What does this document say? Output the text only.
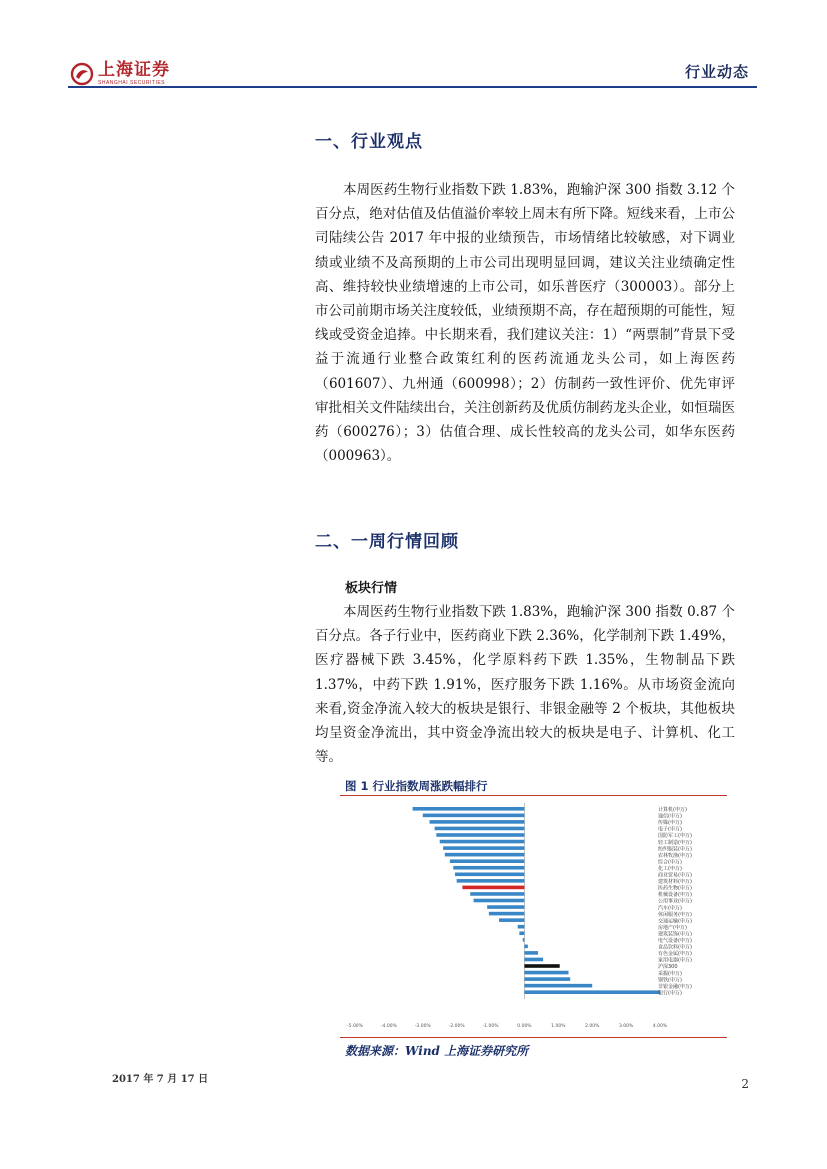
上海证券
SHANGHAI SECURITIES
行业动态
一、行业观点

本周医药生物行业指数下跌 1.83%，跑输沪深 300 指数 3.12 个百分点，绝对估值及估值溢价率较上周末有所下降。短线来看，上市公司陆续公告 2017 年中报的业绩预告，市场情绪比较敏感，对下调业绩或业绩不及高预期的上市公司出现明显回调，建议关注业绩确定性高、维持较快业绩增速的上市公司，如乐普医疗（300003）。部分上市公司前期市场关注度较低，业绩预期不高，存在超预期的可能性，短线或受资金追捧。中长期来看，我们建议关注：1）“两票制”背景下受益于流通行业整合政策红利的医药流通龙头公司，如上海医药（601607）、九州通（600998）；2）仿制药一致性评价、优先审评审批相关文件陆续出台，关注创新药及优质仿制药龙头企业，如恒瑞医药（600276）；3）估值合理、成长性较高的龙头公司，如华东医药（000963）。

二、一周行情回顾
板块行情

本周医药生物行业指数下跌 1.83%，跑输沪深 300 指数 0.87 个百分点。各子行业中，医药商业下跌 2.36%，化学制剂下跌 1.49%，医疗器械下跌 3.45%，化学原料药下跌 1.35%，生物制品下跌 1.37%，中药下跌 1.91%，医疗服务下跌 1.16%。从市场资金流向来看,资金净流入较大的板块是银行、非银金融等 2 个板块，其他板块均呈资金净流出，其中资金净流出较大的板块是电子、计算机、化工等。

图 1 行业指数周涨跌幅排行
计算机(申万)
通信(申万)
传媒(申万)
电子(申万)
国防军工(申万)
轻工制造(申万)
纺织服装(申万)
农林牧渔(申万)
综合(申万)
化工(申万)
商业贸易(申万)
建筑材料(申万)
医药生物(申万)
机械设备(申万)
公用事业(申万)
汽车(申万)
休闲服务(申万)
交通运输(申万)
房地产(申万)
建筑装饰(申万)
电气设备(申万)
食品饮料(申万)
有色金属(申万)
家用电器(申万)
沪深300
采掘(申万)
钢铁(申万)
非银金融(申万)
银行(申万)
-5.00%	-4.00%	-3.00%	-2.00%	-1.00%	0.00%	1.00%	2.00%	3.00%	4.00%
数据来源：Wind 上海证券研究所
2017 年 7 月 17 日	2
